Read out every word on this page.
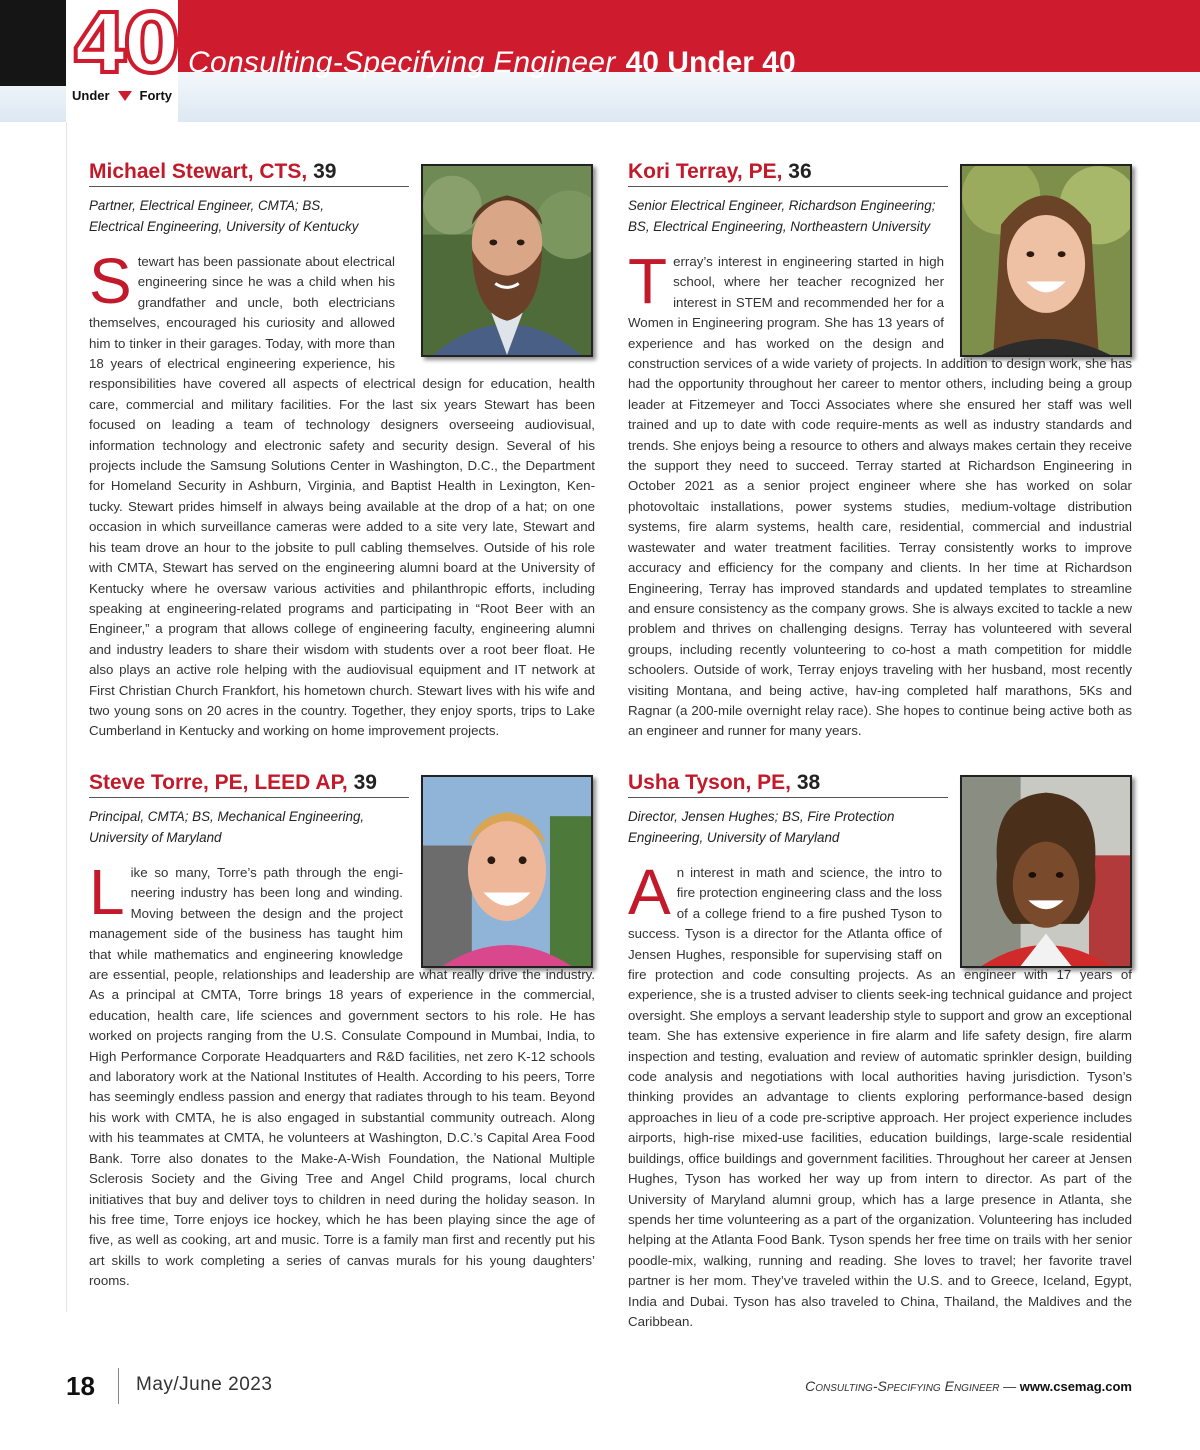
40
Under Forty
Consulting-Specifying Engineer 40 Under 40
Michael Stewart, CTS, 39
Partner, Electrical Engineer, CMTA; BS,
Electrical Engineering, University of Kentucky
Stewart has been passionate about electrical engineering since he was a child when his grandfather and uncle, both electricians themselves, encouraged his curiosity and allowed him to tinker in their garages. Today, with more than 18 years of electrical engineering experience, his responsibilities have covered all aspects of electrical design for education, health care, commercial and military facilities. For the last six years Stewart has been focused on leading a team of technology designers overseeing audiovisual, information technology and electronic safety and security design. Several of his projects include the Samsung Solutions Center in Washington, D.C., the Department for Homeland Security in Ashburn, Virginia, and Baptist Health in Lexington, Ken-tucky. Stewart prides himself in always being available at the drop of a hat; on one occasion in which surveillance cameras were added to a site very late, Stewart and his team drove an hour to the jobsite to pull cabling themselves. Outside of his role with CMTA, Stewart has served on the engineering alumni board at the University of Kentucky where he oversaw various activities and philanthropic efforts, including speaking at engineering-related programs and participating in “Root Beer with an Engineer,” a program that allows college of engineering faculty, engineering alumni and industry leaders to share their wisdom with students over a root beer float. He also plays an active role helping with the audiovisual equipment and IT network at First Christian Church Frankfort, his hometown church. Stewart lives with his wife and two young sons on 20 acres in the country. Together, they enjoy sports, trips to Lake Cumberland in Kentucky and working on home improvement projects.
Kori Terray, PE, 36
Senior Electrical Engineer, Richardson Engineering;
BS, Electrical Engineering, Northeastern University
Terray’s interest in engineering started in high school, where her teacher recognized her interest in STEM and recommended her for a Women in Engineering program. She has 13 years of experience and has worked on the design and construction services of a wide variety of projects. In addition to design work, she has had the opportunity throughout her career to mentor others, including being a group leader at Fitzemeyer and Tocci Associates where she ensured her staff was well trained and up to date with code require-ments as well as industry standards and trends. She enjoys being a resource to others and always makes certain they receive the support they need to succeed. Terray started at Richardson Engineering in October 2021 as a senior project engineer where she has worked on solar photovoltaic installations, power systems studies, medium-voltage distribution systems, fire alarm systems, health care, residential, commercial and industrial wastewater and water treatment facilities. Terray consistently works to improve accuracy and efficiency for the company and clients. In her time at Richardson Engineering, Terray has improved standards and updated templates to streamline and ensure consistency as the company grows. She is always excited to tackle a new problem and thrives on challenging designs. Terray has volunteered with several groups, including recently volunteering to co-host a math competition for middle schoolers. Outside of work, Terray enjoys traveling with her husband, most recently visiting Montana, and being active, hav-ing completed half marathons, 5Ks and Ragnar (a 200-mile overnight relay race). She hopes to continue being active both as an engineer and runner for many years.
Steve Torre, PE, LEED AP, 39
Principal, CMTA; BS, Mechanical Engineering,
University of Maryland
Like so many, Torre’s path through the engi-neering industry has been long and winding. Moving between the design and the project management side of the business has taught him that while mathematics and engineering knowledge are essential, people, relationships and leadership are what really drive the industry. As a principal at CMTA, Torre brings 18 years of experience in the commercial, education, health care, life sciences and government sectors to his role. He has worked on projects ranging from the U.S. Consulate Compound in Mumbai, India, to High Performance Corporate Headquarters and R&D facilities, net zero K-12 schools and laboratory work at the National Institutes of Health. According to his peers, Torre has seemingly endless passion and energy that radiates through to his team. Beyond his work with CMTA, he is also engaged in substantial community outreach. Along with his teammates at CMTA, he volunteers at Washington, D.C.’s Capital Area Food Bank. Torre also donates to the Make-A-Wish Foundation, the National Multiple Sclerosis Society and the Giving Tree and Angel Child programs, local church initiatives that buy and deliver toys to children in need during the holiday season. In his free time, Torre enjoys ice hockey, which he has been playing since the age of five, as well as cooking, art and music. Torre is a family man first and recently put his art skills to work completing a series of canvas murals for his young daughters’ rooms.
Usha Tyson, PE, 38
Director, Jensen Hughes; BS, Fire Protection
Engineering, University of Maryland
An interest in math and science, the intro to fire protection engineering class and the loss of a college friend to a fire pushed Tyson to success. Tyson is a director for the Atlanta office of Jensen Hughes, responsible for supervising staff on fire protection and code consulting projects. As an engineer with 17 years of experience, she is a trusted adviser to clients seek-ing technical guidance and project oversight. She employs a servant leadership style to support and grow an exceptional team. She has extensive experience in fire alarm and life safety design, fire alarm inspection and testing, evaluation and review of automatic sprinkler design, building code analysis and negotiations with local authorities having jurisdiction. Tyson’s thinking provides an advantage to clients exploring performance-based design approaches in lieu of a code pre-scriptive approach. Her project experience includes airports, high-rise mixed-use facilities, education buildings, large-scale residential buildings, office buildings and government facilities. Throughout her career at Jensen Hughes, Tyson has worked her way up from intern to director. As part of the University of Maryland alumni group, which has a large presence in Atlanta, she spends her time volunteering as a part of the organization. Volunteering has included helping at the Atlanta Food Bank. Tyson spends her free time on trails with her senior poodle-mix, walking, running and reading. She loves to travel; her favorite travel partner is her mom. They’ve traveled within the U.S. and to Greece, Iceland, Egypt, India and Dubai. Tyson has also traveled to China, Thailand, the Maldives and the Caribbean.
18 May/June 2023	Consulting-Specifying Engineer — www.csemag.com
